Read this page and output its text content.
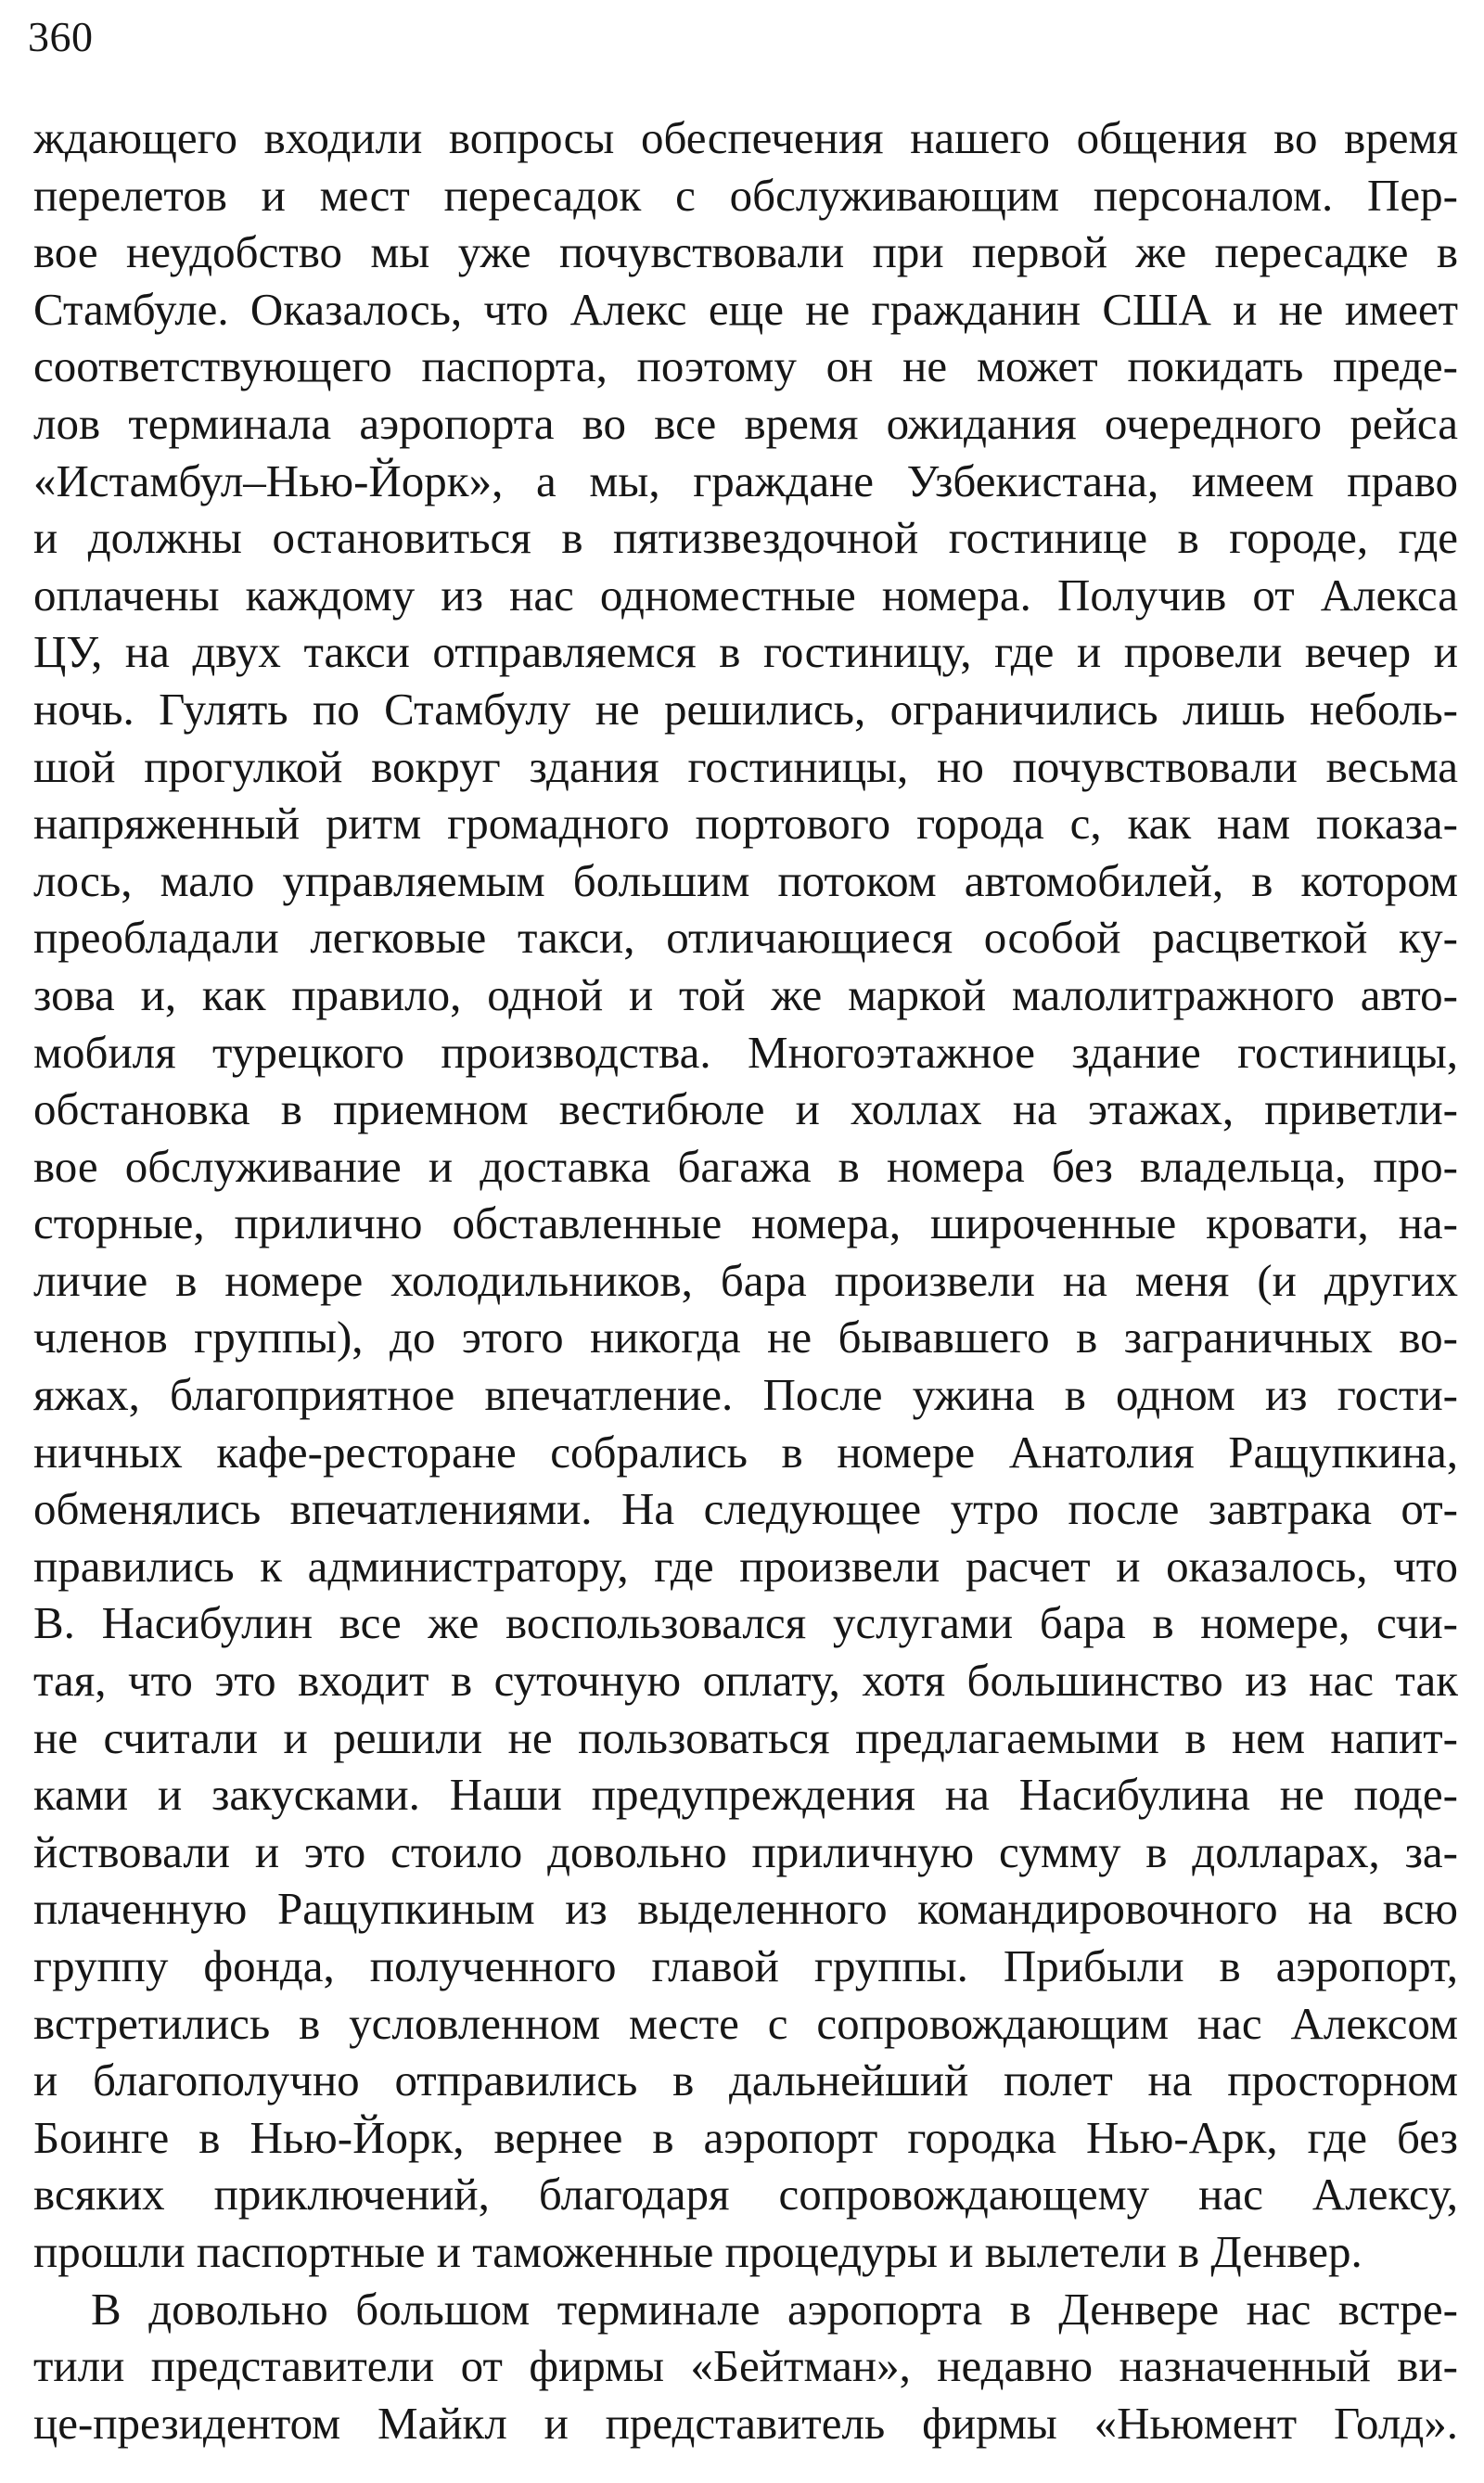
360
ждающего входили вопросы обеспечения нашего общения во время
перелетов и мест пересадок с обслуживающим персоналом. Пер-
вое неудобство мы уже почувствовали при первой же пересадке в
Стамбуле. Оказалось, что Алекс еще не гражданин США и не имеет
соответствующего паспорта, поэтому он не может покидать преде-
лов терминала аэропорта во все время ожидания очередного рейса
«Истамбул–Нью-Йорк», а мы, граждане Узбекистана, имеем право
и должны остановиться в пятизвездочной гостинице в городе, где
оплачены каждому из нас одноместные номера. Получив от Алекса
ЦУ, на двух такси отправляемся в гостиницу, где и провели вечер и
ночь. Гулять по Стамбулу не решились, ограничились лишь неболь-
шой прогулкой вокруг здания гостиницы, но почувствовали весьма
напряженный ритм громадного портового города с, как нам показа-
лось, мало управляемым большим потоком автомобилей, в котором
преобладали легковые такси, отличающиеся особой расцветкой ку-
зова и, как правило, одной и той же маркой малолитражного авто-
мобиля турецкого производства. Многоэтажное здание гостиницы,
обстановка в приемном вестибюле и холлах на этажах, приветли-
вое обслуживание и доставка багажа в номера без владельца, про-
сторные, прилично обставленные номера, широченные кровати, на-
личие в номере холодильников, бара произвели на меня (и других
членов группы), до этого никогда не бывавшего в заграничных во-
яжах, благоприятное впечатление. После ужина в одном из гости-
ничных кафе-ресторане собрались в номере Анатолия Ращупкина,
обменялись впечатлениями. На следующее утро после завтрака от-
правились к администратору, где произвели расчет и оказалось, что
В. Насибулин все же воспользовался услугами бара в номере, счи-
тая, что это входит в суточную оплату, хотя большинство из нас так
не считали и решили не пользоваться предлагаемыми в нем напит-
ками и закусками. Наши предупреждения на Насибулина не поде-
йствовали и это стоило довольно приличную сумму в долларах, за-
плаченную Ращупкиным из выделенного командировочного на всю
группу фонда, полученного главой группы. Прибыли в аэропорт,
встретились в условленном месте с сопровождающим нас Алексом
и благополучно отправились в дальнейший полет на просторном
Боинге в Нью-Йорк, вернее в аэропорт городка Нью-Арк, где без
всяких приключений, благодаря сопровождающему нас Алексу,
прошли паспортные и таможенные процедуры и вылетели в Денвер.
В довольно большом терминале аэропорта в Денвере нас встре-
тили представители от фирмы «Бейтман», недавно назначенный ви-
це-президентом Майкл и представитель фирмы «Ньюмент Голд».
